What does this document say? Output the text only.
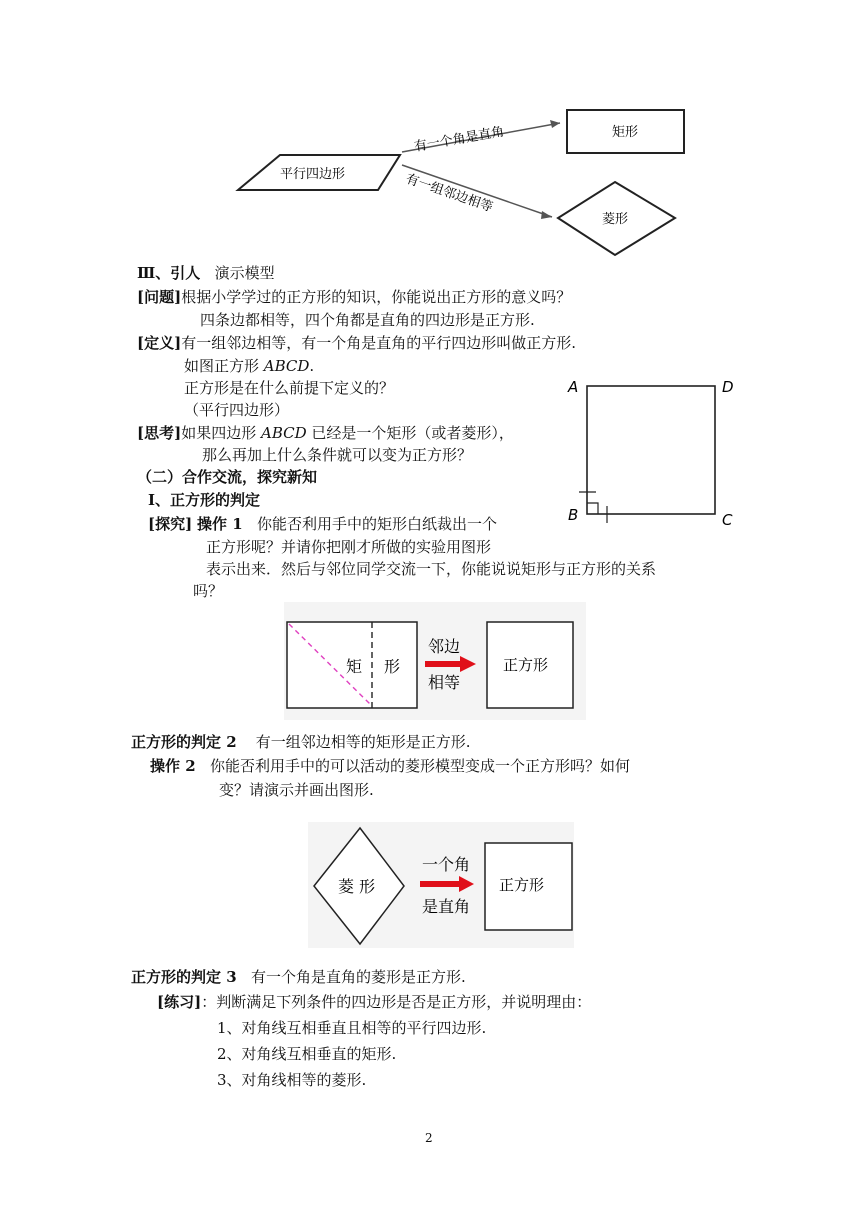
平行四边形
有一个角是直角
有一组邻边相等
矩形
菱形
Ⅲ、引人 演示模型
[问题]根据小学学过的正方形的知识，你能说出正方形的意义吗？
四条边都相等，四个角都是直角的四边形是正方形.
[定义]有一组邻边相等，有一个角是直角的平行四边形叫做正方形.
如图正方形 ABCD.
正方形是在什么前提下定义的？
（平行四边形）
[思考]如果四边形 ABCD 已经是一个矩形（或者菱形），
那么再加上什么条件就可以变为正方形？
A	D
B	C
（二）合作交流，探究新知
Ⅰ、正方形的判定
[探究] 操作 1 你能否利用手中的矩形白纸裁出一个
正方形呢？并请你把刚才所做的实验用图形
表示出来．然后与邻位同学交流一下，你能说说矩形与正方形的关系
吗？
矩 形
邻边
相等
正方形
正方形的判定 2 有一组邻边相等的矩形是正方形.
操作 2 你能否利用手中的可以活动的菱形模型变成一个正方形吗？如何
变？请演示并画出图形.
菱 形
一个角
是直角
正方形
正方形的判定 3 有一个角是直角的菱形是正方形.
[练习]：判断满足下列条件的四边形是否是正方形，并说明理由：
1、对角线互相垂直且相等的平行四边形.
2、对角线互相垂直的矩形.
3、对角线相等的菱形.
2
